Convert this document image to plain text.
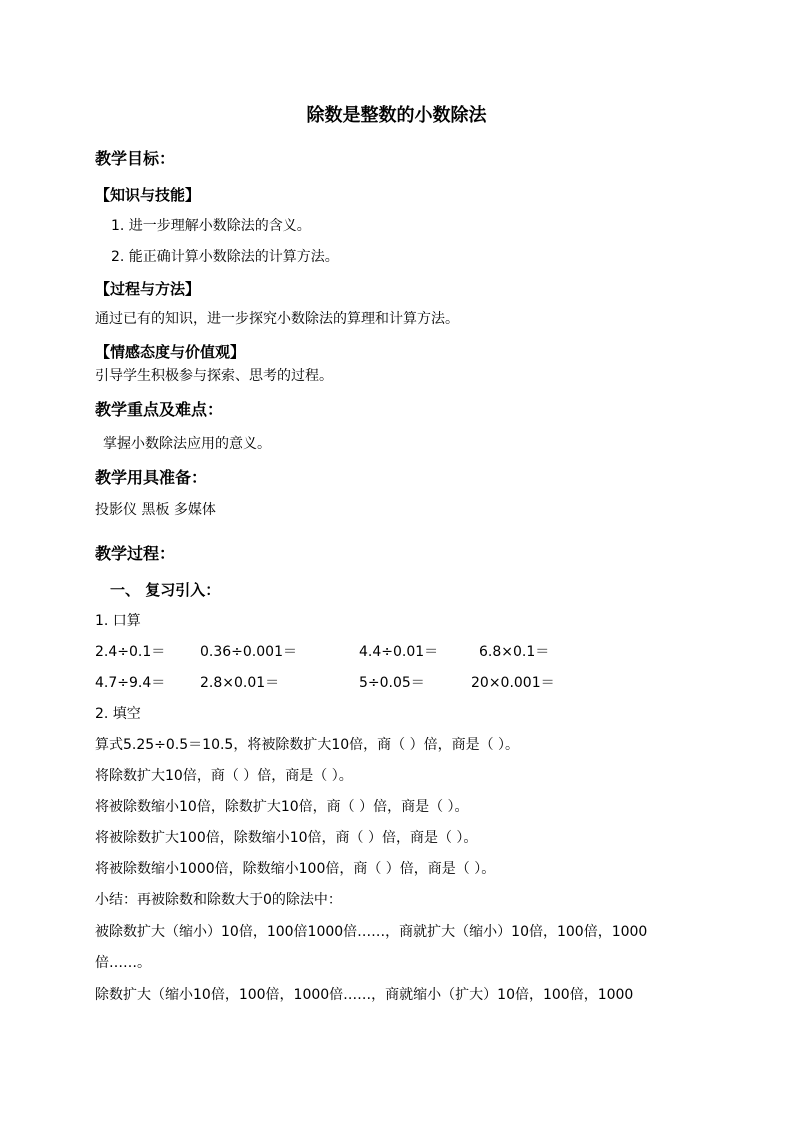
除数是整数的小数除法
教学目标：
【知识与技能】
1. 进一步理解小数除法的含义。
2. 能正确计算小数除法的计算方法。
【过程与方法】
通过已有的知识，进一步探究小数除法的算理和计算方法。
【情感态度与价值观】
引导学生积极参与探索、思考的过程。
教学重点及难点：
掌握小数除法应用的意义。
教学用具准备：
投影仪 黑板 多媒体
教学过程：
一、 复习引入：
1. 口算
2.4÷0.1＝ 0.36÷0.001＝	4.4÷0.01＝	6.8×0.1＝
4.7÷9.4＝ 2.8×0.01＝	5÷0.05＝	20×0.001＝
2. 填空
算式5.25÷0.5＝10.5，将被除数扩大10倍，商（ ）倍，商是（ ）。
将除数扩大10倍，商（ ）倍，商是（ ）。
将被除数缩小10倍，除数扩大10倍，商（ ）倍，商是（ ）。
将被除数扩大100倍，除数缩小10倍，商（ ）倍，商是（ ）。
将被除数缩小1000倍，除数缩小100倍，商（ ）倍，商是（ ）。
小结：再被除数和除数大于0的除法中：
被除数扩大（缩小）10倍，100倍1000倍……，商就扩大（缩小）10倍，100倍，1000
倍……。
除数扩大（缩小10倍，100倍，1000倍……，商就缩小（扩大）10倍，100倍，1000
